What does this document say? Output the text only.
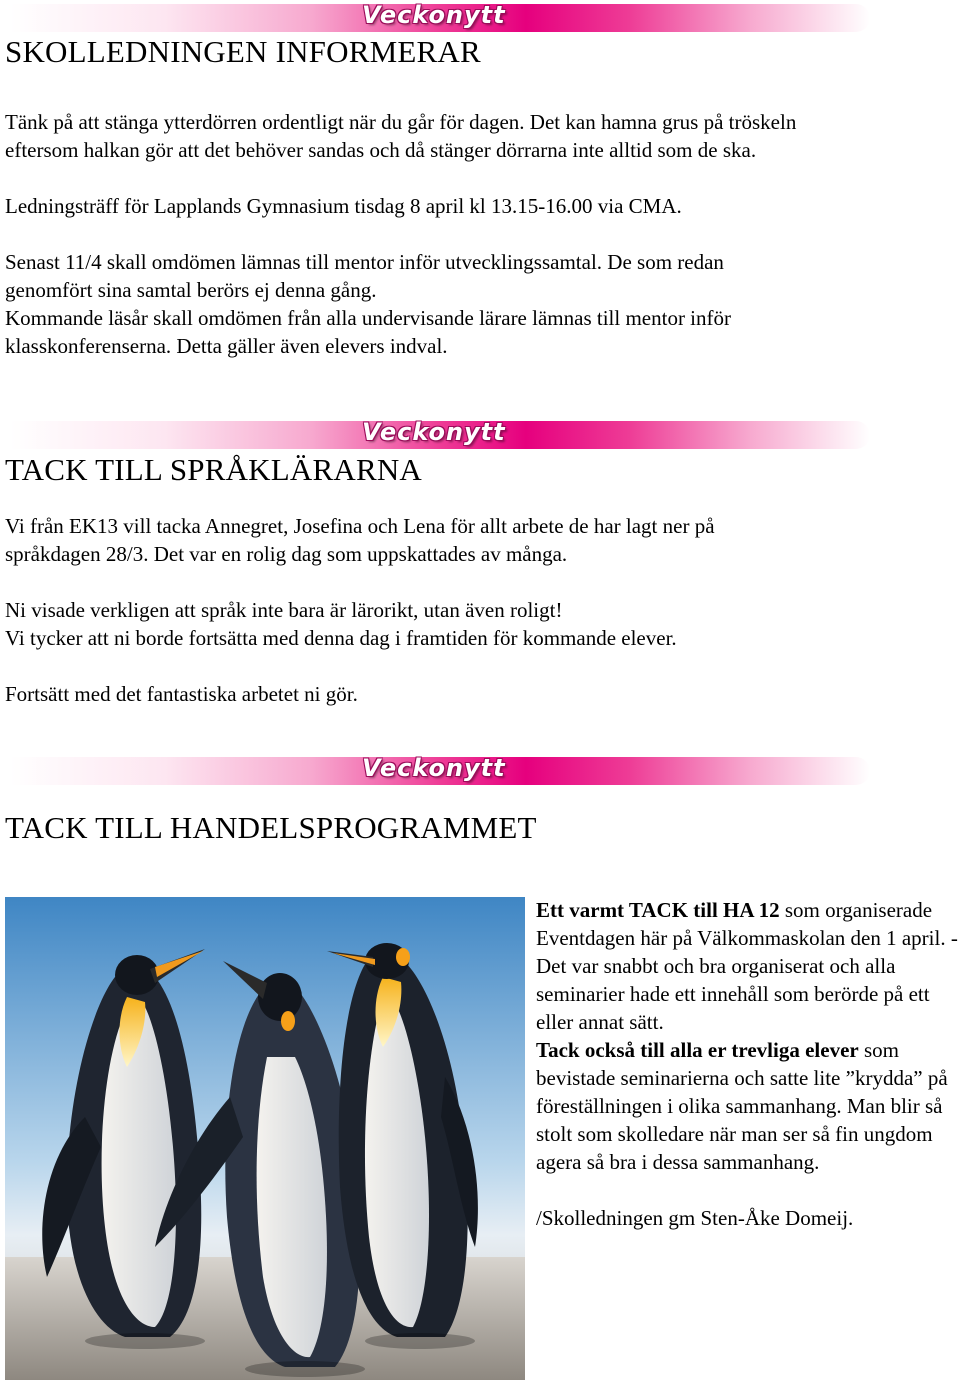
Veckonytt
SKOLLEDNINGEN INFORMERAR

Tänk på att stänga ytterdörren ordentligt när du går för dagen. Det kan hamna grus på tröskeln

eftersom halkan gör att det behöver sandas och då stänger dörrarna inte alltid som de ska.

Ledningsträff för Lapplands Gymnasium tisdag 8 april kl 13.15-16.00 via CMA.

Senast 11/4 skall omdömen lämnas till mentor inför utvecklingssamtal. De som redan

genomfört sina samtal berörs ej denna gång.

Kommande läsår skall omdömen från alla undervisande lärare lämnas till mentor inför

klasskonferenserna. Detta gäller även elevers indval.

Veckonytt
TACK TILL SPRÅKLÄRARNA

Vi från EK13 vill tacka Annegret, Josefina och Lena för allt arbete de har lagt ner på

språkdagen 28/3. Det var en rolig dag som uppskattades av många.

Ni visade verkligen att språk inte bara är lärorikt, utan även roligt!

Vi tycker att ni borde fortsätta med denna dag i framtiden för kommande elever.

Fortsätt med det fantastiska arbetet ni gör.

Veckonytt
TACK TILL HANDELSPROGRAMMET

Ett varmt TACK till HA 12 som organiserade Eventdagen här på Välkommaskolan den 1 april. - Det var snabbt och bra organiserat och alla seminarier hade ett innehåll som berörde på ett eller annat sätt.

Tack också till alla er trevliga elever som bevistade seminarierna och satte lite ”krydda” på föreställningen i olika sammanhang. Man blir så stolt som skolledare när man ser så fin ungdom agera så bra i dessa sammanhang.

/Skolledningen gm Sten-Åke Domeij.
